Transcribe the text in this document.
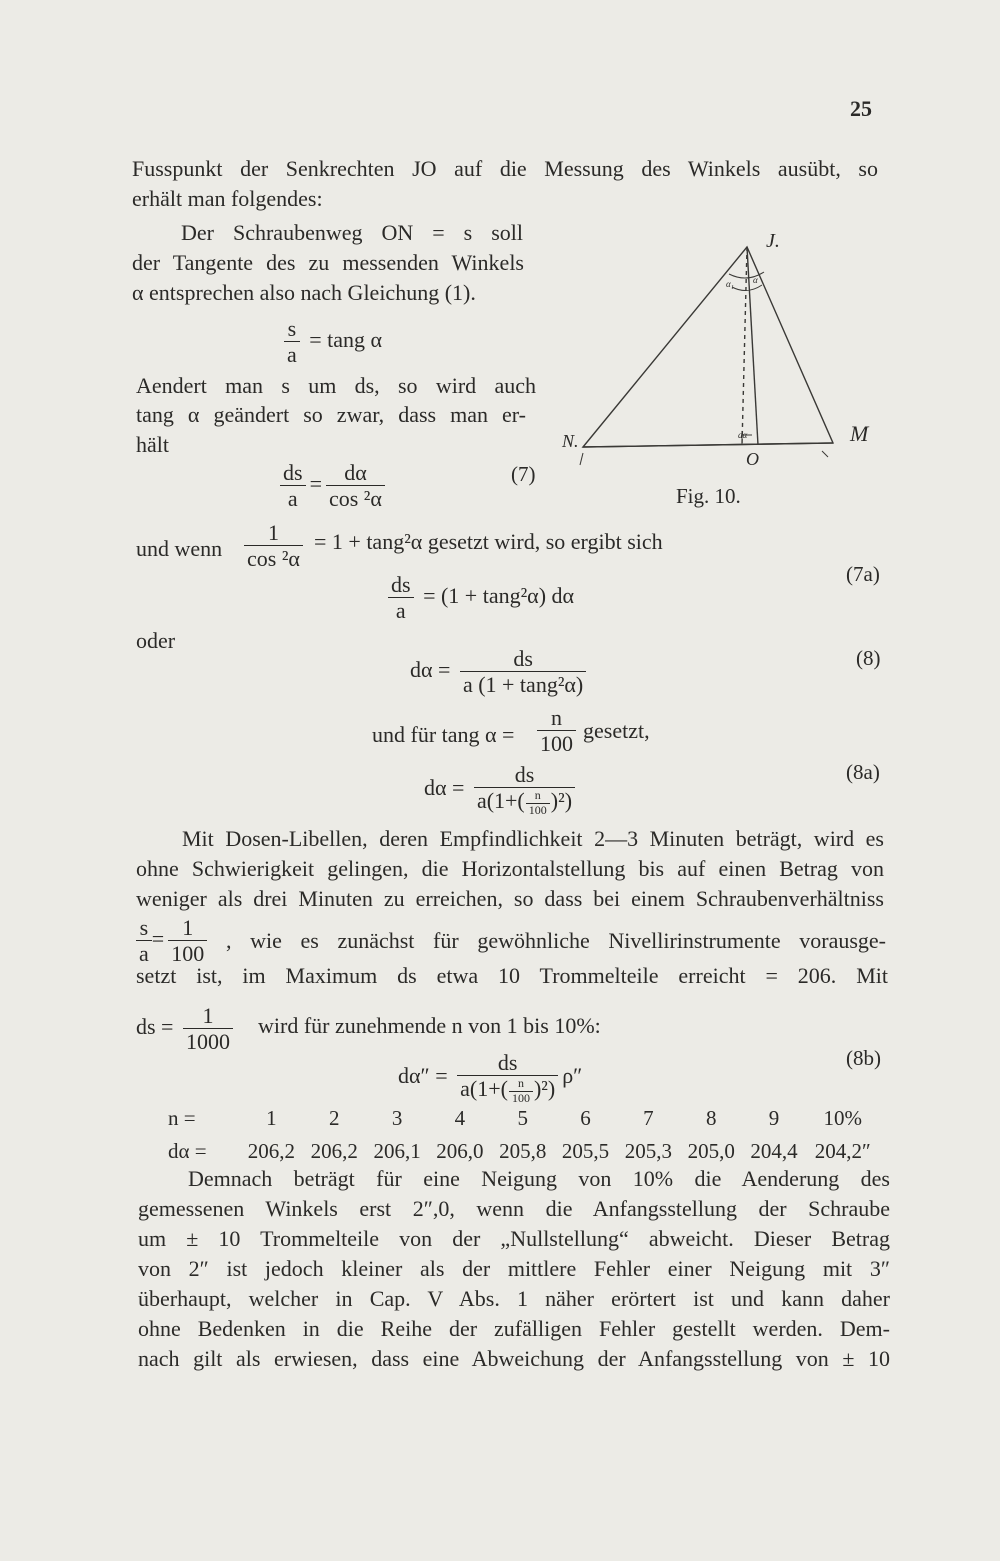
25
Fusspunkt der Senkrechten JO auf die Messung des Winkels ausübt, so
erhält man folgendes:
Der Schraubenweg ON = s soll
der Tangente des zu messenden Winkels
α entsprechen also nach Gleichung (1).
$\frac{s}{a} = \tan g$ α
Aendert man s um ds, so wird auch
tang α geändert so zwar, dass man er-
hält
$\frac{ds}{a} = \frac{d\alpha}{\text{cos ²α}}$	(7)
und wenn $\frac{1}{\text{cos ²α}} = 1 + \tan g^2\alpha$ gesetzt wird, so ergibt sich
$\frac{ds}{a} = (1 + \tan g^2\alpha)$ dα
(7a)
oder
$d\alpha = \frac{ds}{\text{a (1 + tang²α)}}$	(8)
und für tang $\alpha = \frac{n}{100}$ gesetzt,
$d\alpha = \frac{ds}{a(1+( \frac{n}{100} )^2)}$	(8a)
Mit Dosen-Libellen, deren Empfindlichkeit 2—3 Minuten beträgt, wird es
ohne Schwierigkeit gelingen, die Horizontalstellung bis auf einen Betrag von
weniger als drei Minuten zu erreichen, so dass bei einem Schraubenverhältniss
$\frac{s}{a} = \frac{1}{100}$ , wie es zunächst für gewöhnliche Nivellirinstrumente vorausge-
setzt ist, im Maximum ds etwa 10 Trommelteile erreicht = 206. Mit
ds = $\frac{1}{1000}$ wird für zunehmende n von 1 bis 10%:
$d\alpha'' = \frac{ds}{a(1+( \frac{n}{100} )^2)} \rho''$
(8b)
n =	1	2	3	4	5	6	7	8	9	10%
dα =	206,2	206,2	206,1	206,0	205,8	205,5	205,3	205,0	204,4	204,2″
Demnach beträgt für eine Neigung von 10% die Aenderung des
gemessenen Winkels erst 2″,0, wenn die Anfangsstellung der Schraube
um ± 10 Trommelteile von der „Nullstellung“ abweicht. Dieser Betrag
von 2″ ist jedoch kleiner als der mittlere Fehler einer Neigung mit 3″
überhaupt, welcher in Cap. V Abs. 1 näher erörtert ist und kann daher
ohne Bedenken in die Reihe der zufälligen Fehler gestellt werden. Dem-
nach gilt als erwiesen, dass eine Abweichung der Anfangsstellung von ± 10
J.
N.	M
O
α₁ α
dα
Fig. 10.
